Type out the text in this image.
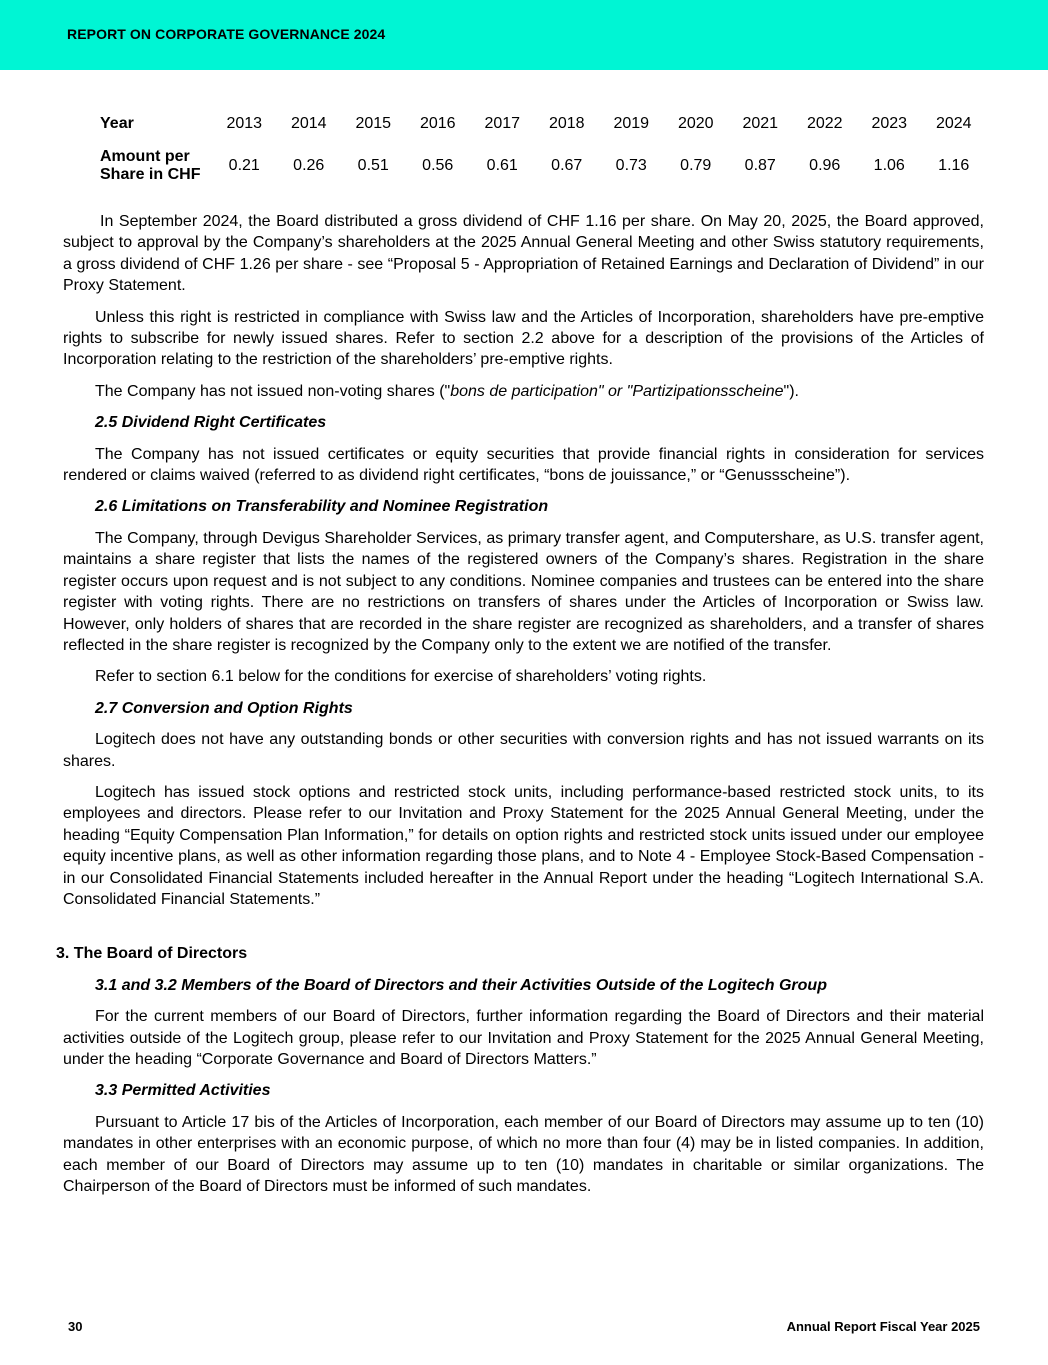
REPORT ON CORPORATE GOVERNANCE 2024
Year	2013	2014	2015	2016	2017	2018	2019	2020	2021	2022	2023	2024
Amount per Share in CHF	0.21	0.26	0.51	0.56	0.61	0.67	0.73	0.79	0.87	0.96	1.06	1.16

In September 2024, the Board distributed a gross dividend of CHF 1.16 per share. On May 20, 2025, the Board approved, subject to approval by the Company’s shareholders at the 2025 Annual General Meeting and other Swiss statutory requirements, a gross dividend of CHF 1.26 per share - see “Proposal 5 - Appropriation of Retained Earnings and Declaration of Dividend” in our Proxy Statement.

Unless this right is restricted in compliance with Swiss law and the Articles of Incorporation, shareholders have pre-emptive rights to subscribe for newly issued shares. Refer to section 2.2 above for a description of the provisions of the Articles of Incorporation relating to the restriction of the shareholders’ pre-emptive rights.

The Company has not issued non-voting shares ("bons de participation" or "Partizipationsscheine").

2.5 Dividend Right Certificates

The Company has not issued certificates or equity securities that provide financial rights in consideration for services rendered or claims waived (referred to as dividend right certificates, “bons de jouissance,” or “Genussscheine”).

2.6 Limitations on Transferability and Nominee Registration

The Company, through Devigus Shareholder Services, as primary transfer agent, and Computershare, as U.S. transfer agent, maintains a share register that lists the names of the registered owners of the Company’s shares. Registration in the share register occurs upon request and is not subject to any conditions. Nominee companies and trustees can be entered into the share register with voting rights. There are no restrictions on transfers of shares under the Articles of Incorporation or Swiss law. However, only holders of shares that are recorded in the share register are recognized as shareholders, and a transfer of shares reflected in the share register is recognized by the Company only to the extent we are notified of the transfer.

Refer to section 6.1 below for the conditions for exercise of shareholders’ voting rights.

2.7 Conversion and Option Rights

Logitech does not have any outstanding bonds or other securities with conversion rights and has not issued warrants on its shares.

Logitech has issued stock options and restricted stock units, including performance-based restricted stock units, to its employees and directors. Please refer to our Invitation and Proxy Statement for the 2025 Annual General Meeting, under the heading “Equity Compensation Plan Information,” for details on option rights and restricted stock units issued under our employee equity incentive plans, as well as other information regarding those plans, and to Note 4 - Employee Stock-Based Compensation - in our Consolidated Financial Statements included hereafter in the Annual Report under the heading “Logitech International S.A. Consolidated Financial Statements.”

3. The Board of Directors
3.1 and 3.2 Members of the Board of Directors and their Activities Outside of the Logitech Group

For the current members of our Board of Directors, further information regarding the Board of Directors and their material activities outside of the Logitech group, please refer to our Invitation and Proxy Statement for the 2025 Annual General Meeting, under the heading “Corporate Governance and Board of Directors Matters.”

3.3 Permitted Activities

Pursuant to Article 17 bis of the Articles of Incorporation, each member of our Board of Directors may assume up to ten (10) mandates in other enterprises with an economic purpose, of which no more than four (4) may be in listed companies. In addition, each member of our Board of Directors may assume up to ten (10) mandates in charitable or similar organizations. The Chairperson of the Board of Directors must be informed of such mandates.

30	Annual Report Fiscal Year 2025
